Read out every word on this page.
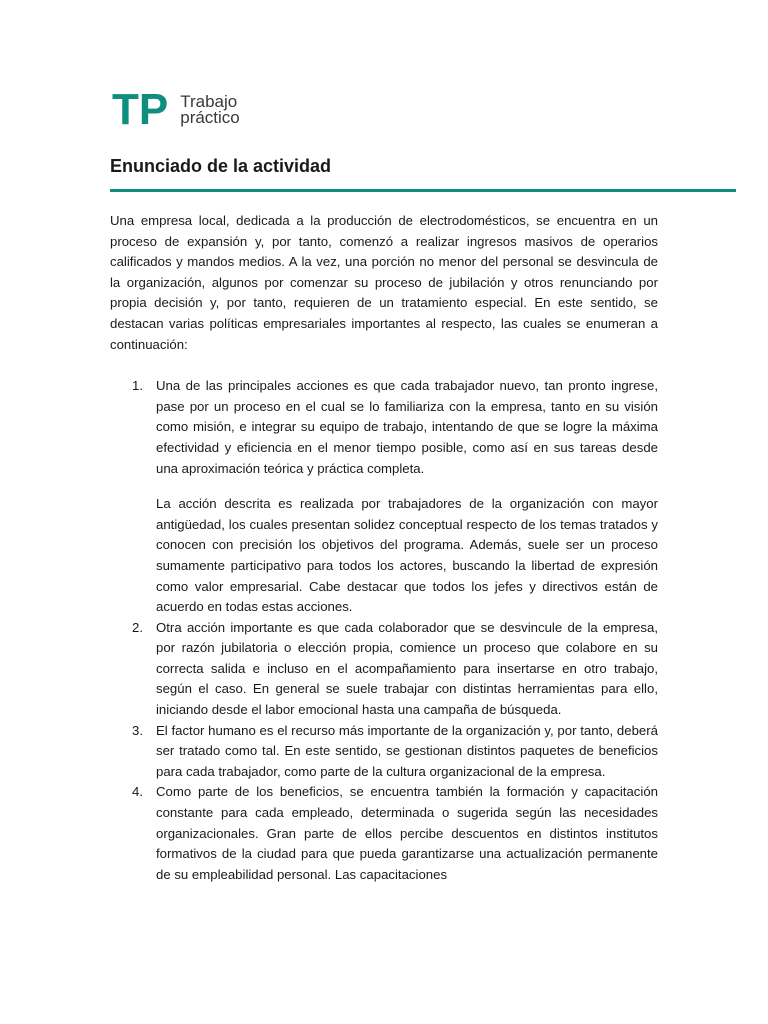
TP Trabajo
práctico
Enunciado de la actividad

Una empresa local, dedicada a la producción de electrodomésticos, se encuentra en un proceso de expansión y, por tanto, comenzó a realizar ingresos masivos de operarios calificados y mandos medios. A la vez, una porción no menor del personal se desvincula de la organización, algunos por comenzar su proceso de jubilación y otros renunciando por propia decisión y, por tanto, requieren de un tratamiento especial. En este sentido, se destacan varias políticas empresariales importantes al respecto, las cuales se enumeran a continuación:

1. Una de las principales acciones es que cada trabajador nuevo, tan pronto ingrese, pase por un proceso en el cual se lo familiariza con la empresa, tanto en su visión como misión, e integrar su equipo de trabajo, intentando de que se logre la máxima efectividad y eficiencia en el menor tiempo posible, como así en sus tareas desde una aproximación teórica y práctica completa.

La acción descrita es realizada por trabajadores de la organización con mayor antigüedad, los cuales presentan solidez conceptual respecto de los temas tratados y conocen con precisión los objetivos del programa. Además, suele ser un proceso sumamente participativo para todos los actores, buscando la libertad de expresión como valor empresarial. Cabe destacar que todos los jefes y directivos están de acuerdo en todas estas acciones.

2. Otra acción importante es que cada colaborador que se desvincule de la empresa, por razón jubilatoria o elección propia, comience un proceso que colabore en su correcta salida e incluso en el acompañamiento para insertarse en otro trabajo, según el caso. En general se suele trabajar con distintas herramientas para ello, iniciando desde el labor emocional hasta una campaña de búsqueda.

3. El factor humano es el recurso más importante de la organización y, por tanto, deberá ser tratado como tal. En este sentido, se gestionan distintos paquetes de beneficios para cada trabajador, como parte de la cultura organizacional de la empresa.

4. Como parte de los beneficios, se encuentra también la formación y capacitación constante para cada empleado, determinada o sugerida según las necesidades organizacionales. Gran parte de ellos percibe descuentos en distintos institutos formativos de la ciudad para que pueda garantizarse una actualización permanente de su empleabilidad personal. Las capacitaciones
